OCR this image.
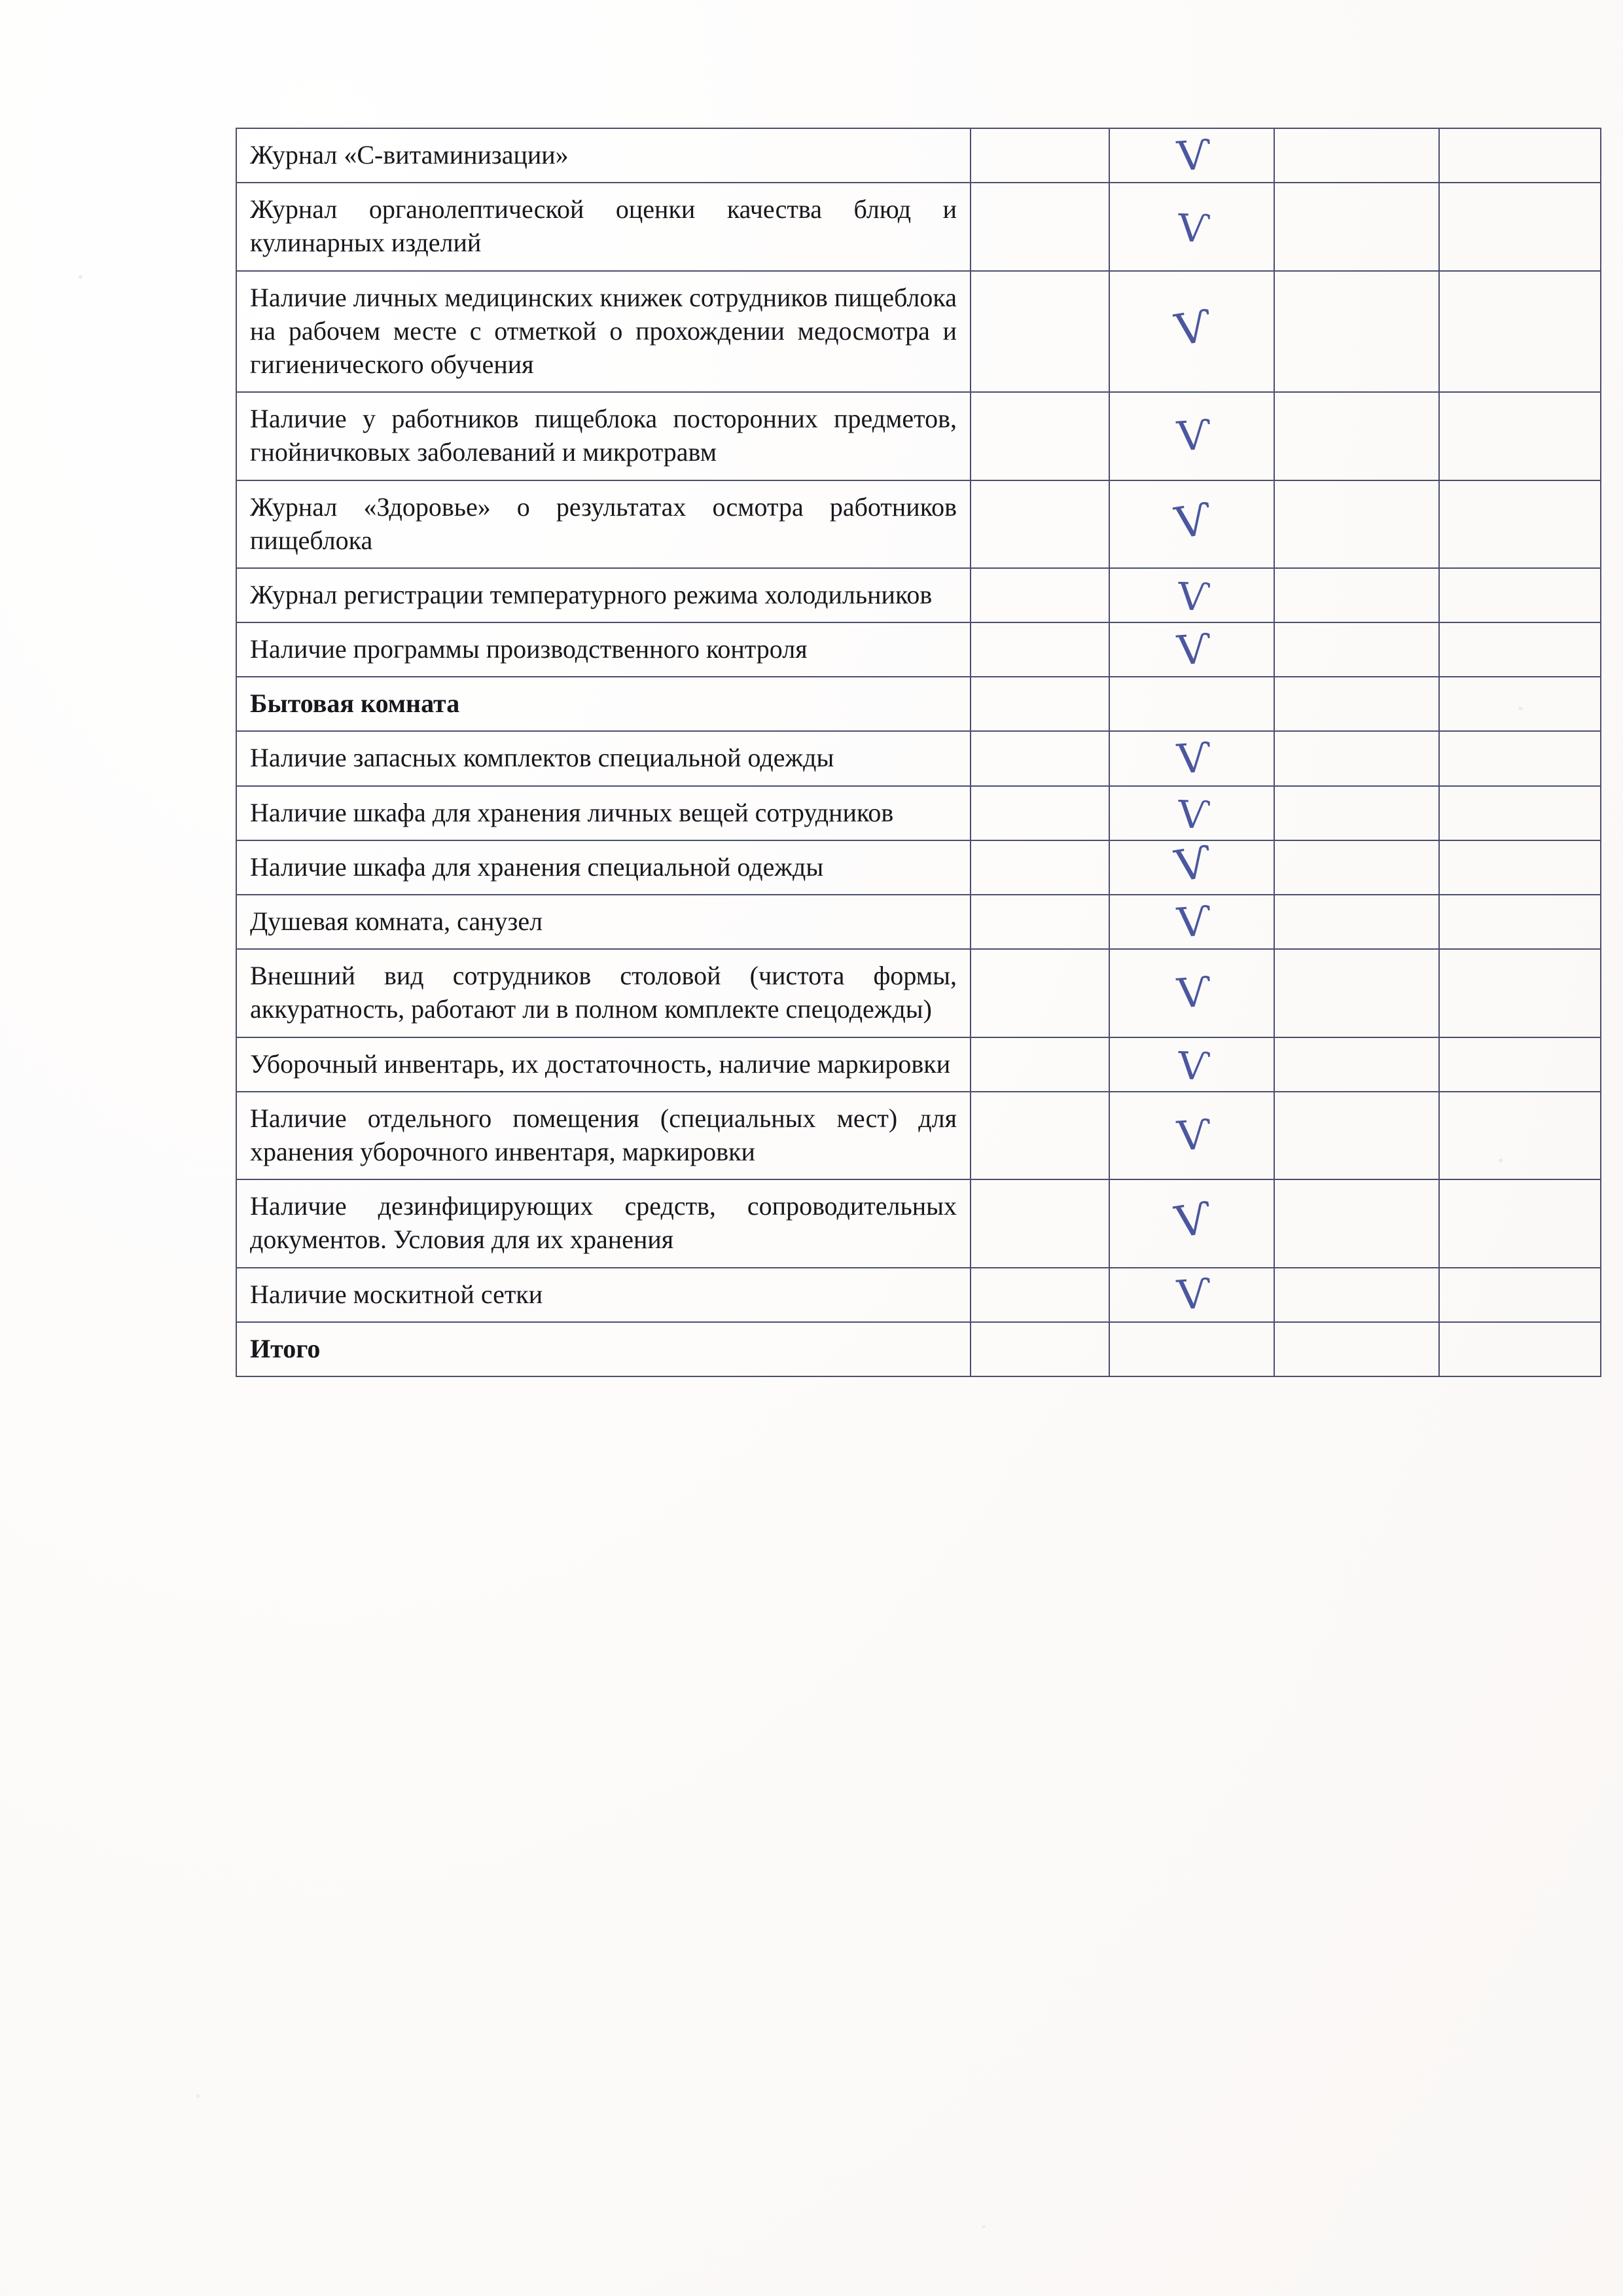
Журнал «С-витаминизации»		Ѵ		

Журнал органолептической оценки качества блюд и кулинарных изделий		Ѵ		

Наличие личных медицинских книжек сотрудников пищеблока на рабочем месте с отметкой о прохождении медосмотра и гигиенического обучения		Ѵ		

Наличие у работников пищеблока посторонних предметов, гнойничковых заболеваний и микротравм		Ѵ		

Журнал «Здоровье» о результатах осмотра работников пищеблока		Ѵ		

Журнал регистрации температурного режима холодильников		Ѵ		

Наличие программы производственного контроля		Ѵ		

Бытовая комната				
Наличие запасных комплектов специальной одежды		Ѵ		

Наличие шкафа для хранения личных вещей сотрудников		Ѵ		

Наличие шкафа для хранения специальной одежды		Ѵ		

Душевая комната, санузел		Ѵ		

Внешний вид сотрудников столовой (чистота формы, аккуратность, работают ли в полном комплекте спецодежды)		Ѵ		

Уборочный инвентарь, их достаточность, наличие маркировки		Ѵ		

Наличие отдельного помещения (специальных мест) для хранения уборочного инвентаря, маркировки		Ѵ		

Наличие дезинфицирующих средств, сопроводительных документов. Условия для их хранения		Ѵ		

Наличие москитной сетки		Ѵ		

Итого				
